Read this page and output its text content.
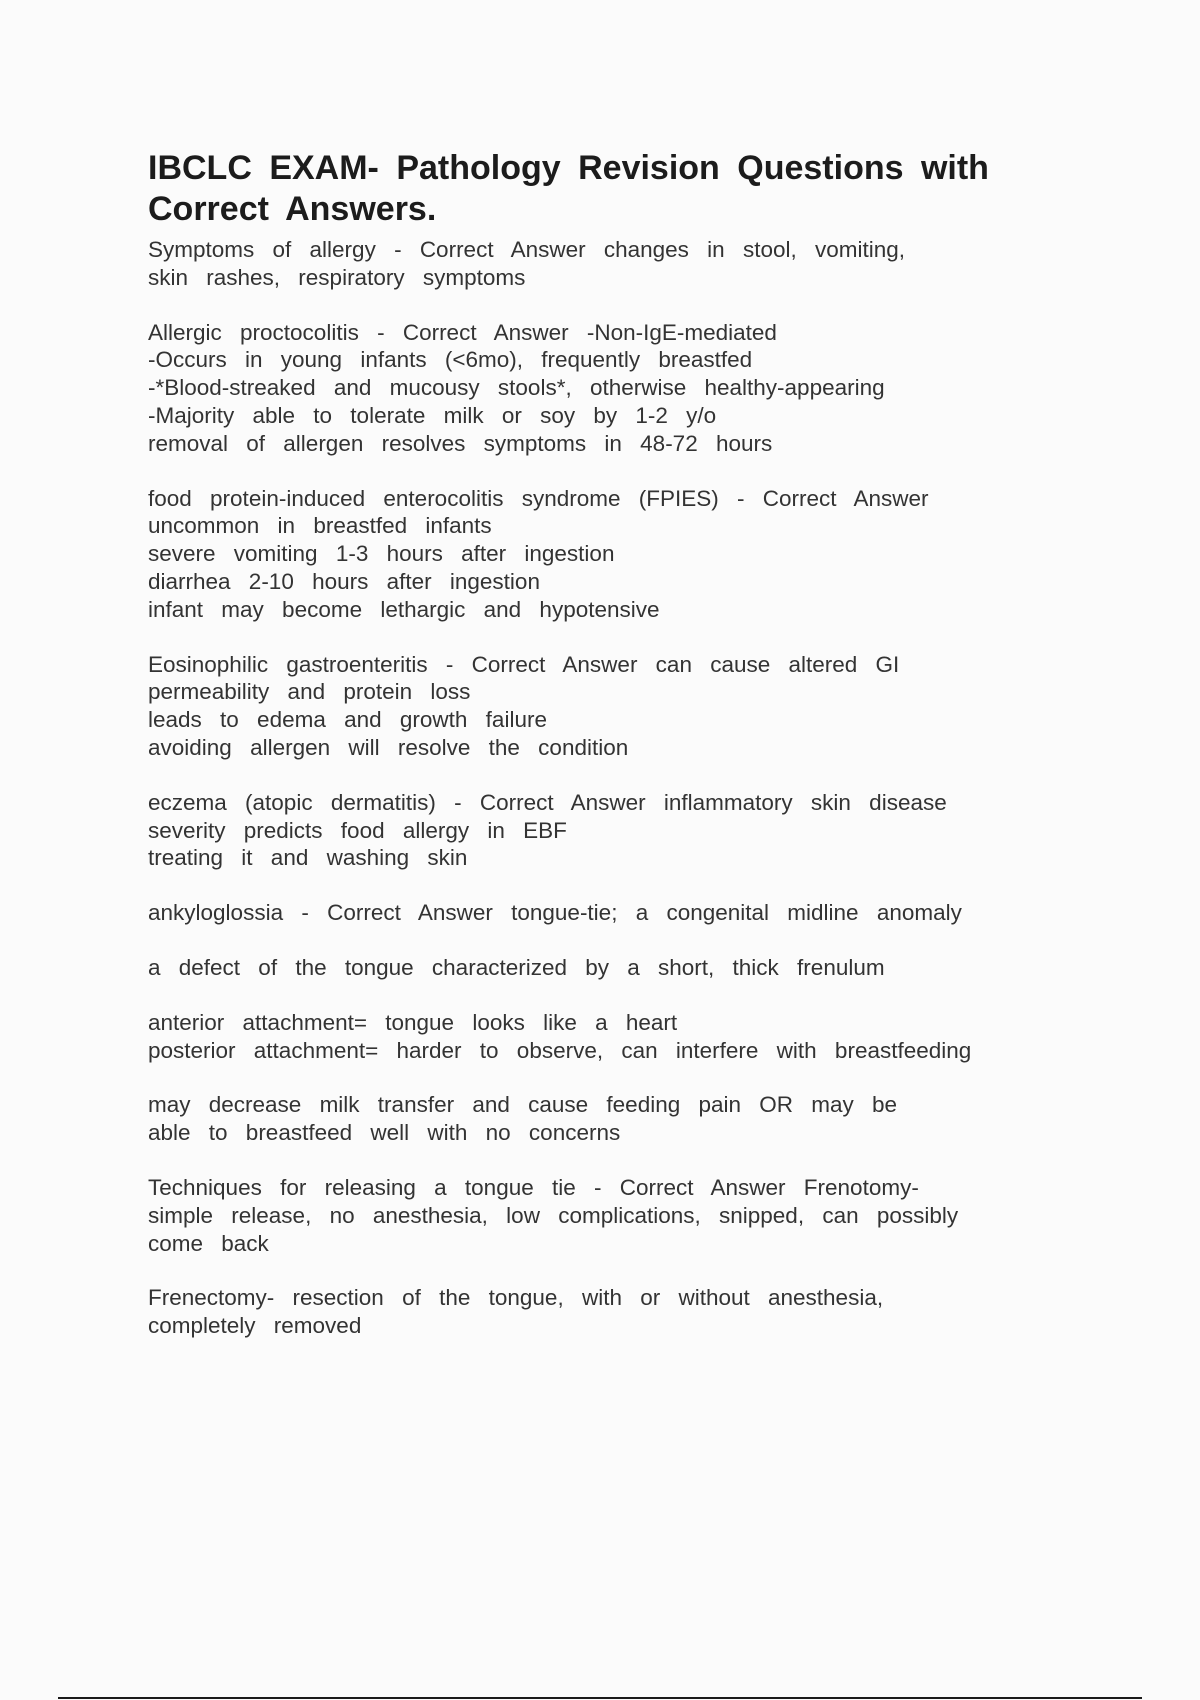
IBCLC EXAM- Pathology Revision Questions with
Correct Answers.

Symptoms of allergy - Correct Answer changes in stool, vomiting,

skin rashes, respiratory symptoms

Allergic proctocolitis - Correct Answer -Non-IgE-mediated

-Occurs in young infants (<6mo), frequently breastfed

-*Blood-streaked and mucousy stools*, otherwise healthy-appearing

-Majority able to tolerate milk or soy by 1-2 y/o

removal of allergen resolves symptoms in 48-72 hours

food protein-induced enterocolitis syndrome (FPIES) - Correct Answer

uncommon in breastfed infants

severe vomiting 1-3 hours after ingestion

diarrhea 2-10 hours after ingestion

infant may become lethargic and hypotensive

Eosinophilic gastroenteritis - Correct Answer can cause altered GI

permeability and protein loss

leads to edema and growth failure

avoiding allergen will resolve the condition

eczema (atopic dermatitis) - Correct Answer inflammatory skin disease

severity predicts food allergy in EBF

treating it and washing skin

ankyloglossia - Correct Answer tongue-tie; a congenital midline anomaly

a defect of the tongue characterized by a short, thick frenulum

anterior attachment= tongue looks like a heart

posterior attachment= harder to observe, can interfere with breastfeeding

may decrease milk transfer and cause feeding pain OR may be

able to breastfeed well with no concerns

Techniques for releasing a tongue tie - Correct Answer Frenotomy-

simple release, no anesthesia, low complications, snipped, can possibly

come back

Frenectomy- resection of the tongue, with or without anesthesia,

completely removed
